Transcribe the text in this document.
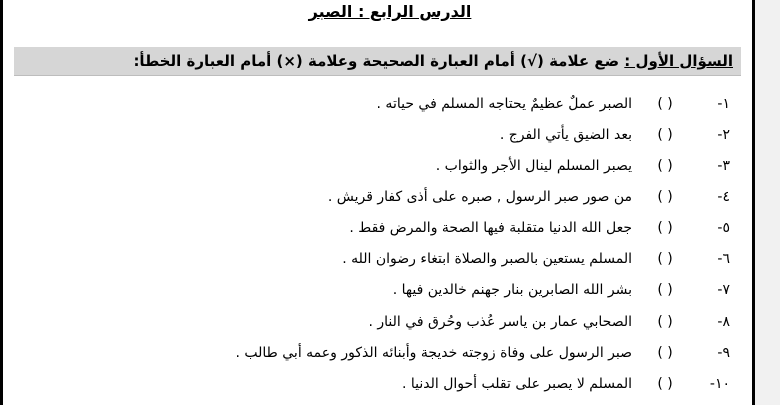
الدرس الرابع : الصبر
السؤال الأول : ضع علامة (√) أمام العبارة الصحيحة وعلامة (×) أمام العبارة الخطأ:
١-( )الصبر عملٌ عظيمٌ يحتاجه المسلم في حياته .
٢-( )بعد الضيق يأتي الفرج .
٣-( )يصبر المسلم لينال الأجر والثواب .
٤-( )من صور صبر الرسول , صبره على أذى كفار قريش .
٥-( )جعل الله الدنيا متقلبة فيها الصحة والمرض فقط .
٦-( )المسلم يستعين بالصبر والصلاة ابتغاء رضوان الله .
٧-( )بشر الله الصابرين بنار جهنم خالدين فيها .
٨-( )الصحابي عمار بن ياسر عُذب وحُرق في النار .
٩-( )صبر الرسول على وفاة زوجته خديجة وأبنائه الذكور وعمه أبي طالب .
١٠-( )المسلم لا يصبر على تقلب أحوال الدنيا .
